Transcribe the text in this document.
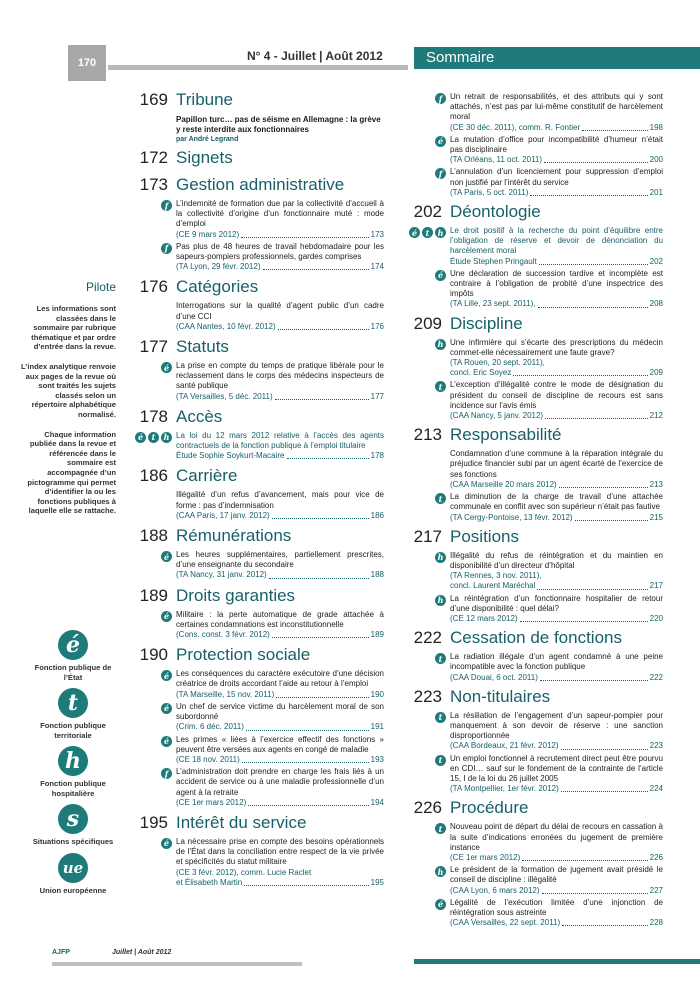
170	N° 4 - Juillet | Août 2012	Sommaire
169 Tribune
Papillon turc… pas de séisme en Allemagne : la grève y reste interdite aux fonctionnaires
par André Legrand
172 Signets
173 Gestion administrative
f L’indemnité de formation due par la collectivité d’accueil à la collectivité d’origine d’un fonctionnaire muté : mode d’emploi
(CE 9 mars 2012)	173
f Pas plus de 48 heures de travail hebdomadaire pour les sapeurs-pompiers professionnels, gardes comprises
(TA Lyon, 29 févr. 2012)	174
176 Catégories
Interrogations sur la qualité d’agent public d’un cadre d’une CCI
(CAA Nantes, 10 févr. 2012)	176
177 Statuts
é La prise en compte du temps de pratique libérale pour le reclassement dans le corps des médecins inspecteurs de santé publique
(TA Versailles, 5 déc. 2011)	177
178 Accès
é	t	h La loi du 12 mars 2012 relative à l’accès des agents contractuels de la fonction publique à l’emploi titulaire
Étude Sophie Soykurt-Macaire	178
186 Carrière
Illégalité d’un refus d’avancement, mais pour vice de forme : pas d’indemnisation
(CAA Paris, 17 janv. 2012)	186
188 Rémunérations
é Les heures supplémentaires, partiellement prescrites, d’une enseignante du secondaire
(TA Nancy, 31 janv. 2012)	188
189 Droits garanties
é Militaire : la perte automatique de grade attachée à certaines condamnations est inconstitutionnelle
(Cons. const. 3 févr. 2012)	189
190 Protection sociale
é Les conséquences du caractère exécutoire d’une décision créatrice de droits accordant l’aide au retour à l’emploi
(TA Marseille, 15 nov. 2011)	190
é Un chef de service victime du harcèlement moral de son subordonné
(Crim. 6 déc. 2011)	191
é Les primes « liées à l’exercice effectif des fonctions » peuvent être versées aux agents en congé de maladie
(CE 18 nov. 2011)	193
f L’administration doit prendre en charge les frais liés à un accident de service ou à une maladie professionnelle d’un agent à la retraite
(CE 1er mars 2012)	194
195 Intérêt du service
é La nécessaire prise en compte des besoins opérationnels de l’État dans la conciliation entre respect de la vie privée et spécificités du statut militaire
(CE 3 févr. 2012), comm. Lucie Raclet
et Élisabeth Martin	195
f Un retrait de responsabilités, et des attributs qui y sont attachés, n’est pas par lui-même constitutif de harcèlement moral
(CE 30 déc. 2011), comm. R. Fontier	198
é La mutation d’office pour incompatibilité d’humeur n’était pas disciplinaire
(TA Orléans, 11 oct. 2011)	200
f L’annulation d’un licenciement pour suppression d’emploi non justifié par l’intérêt du service
(TA Paris, 5 oct. 2011)	201
202 Déontologie
é	t	h Le droit positif à la recherche du point d’équilibre entre l’obligation de réserve et devoir de dénonciation du harcèlement moral
Étude Stephen Pringault	202
é Une déclaration de succession tardive et incomplète est contraire à l’obligation de probité d’une inspectrice des impôts
(TA Lille, 23 sept. 2011),	208
209 Discipline
h Une infirmière qui s’écarte des prescriptions du médecin commet-elle nécessairement une faute grave?
(TA Rouen, 20 sept. 2011),
concl. Eric Soyez	209
t L’exception d’illégalité contre le mode de désignation du président du conseil de discipline de recours est sans incidence sur l’avis émis
(CAA Nancy, 5 janv. 2012)	212
213 Responsabilité
Condamnation d’une commune à la réparation intégrale du préjudice financier subi par un agent écarté de l’exercice de ses fonctions
(CAA Marseille 20 mars 2012)	213
t La diminution de la charge de travail d’une attachée communale en conflit avec son supérieur n’était pas fautive
(TA Cergy-Pontoise, 13 févr. 2012)	215
217 Positions
h Illégalité du refus de réintégration et du maintien en disponibilité d’un directeur d’hôpital
(TA Rennes, 3 nov. 2011),
concl. Laurent Maréchal	217
h La réintégration d’un fonctionnaire hospitalier de retour d’une disponibilité : quel délai?
(CE 12 mars 2012)	220
222 Cessation de fonctions
t La radiation illégale d’un agent condamné à une peine incompatible avec la fonction publique
(CAA Douai, 6 oct. 2011)	222
223 Non-titulaires
t La résiliation de l’engagement d’un sapeur-pompier pour manquement à son devoir de réserve : une sanction disproportionnée
(CAA Bordeaux, 21 févr. 2012)	223
t Un emploi fonctionnel à recrutement direct peut être pourvu en CDI… sauf sur le fondement de la contrainte de l’article 15, I de la loi du 26 juillet 2005
(TA Montpellier, 1er févr. 2012)	224
226 Procédure
t Nouveau point de départ du délai de recours en cassation à la suite d’indications erronées du jugement de première instance
(CE 1er mars 2012)	226
h Le président de la formation de jugement avait présidé le conseil de discipline : illégalité
(CAA Lyon, 6 mars 2012)	227
é Légalité de l’exécution limitée d’une injonction de réintégration sous astreinte
(CAA Versailles, 22 sept. 2011)	228
Pilote

Les informations sont classées dans le sommaire par rubrique thématique et par ordre d’entrée dans la revue.

L’index analytique renvoie aux pages de la revue où sont traités les sujets classés selon un répertoire alphabétique normalisé.

Chaque information publiée dans la revue et référencée dans le sommaire est accompagnée d’un pictogramme qui permet d’identifier la ou les fonctions publiques à laquelle elle se rattache.

é
Fonction publique de l’État
t
Fonction publique territoriale
h
Fonction publique hospitalière
s
Situations spécifiques
ue
Union européenne
AJFP	Juillet | Août 2012
